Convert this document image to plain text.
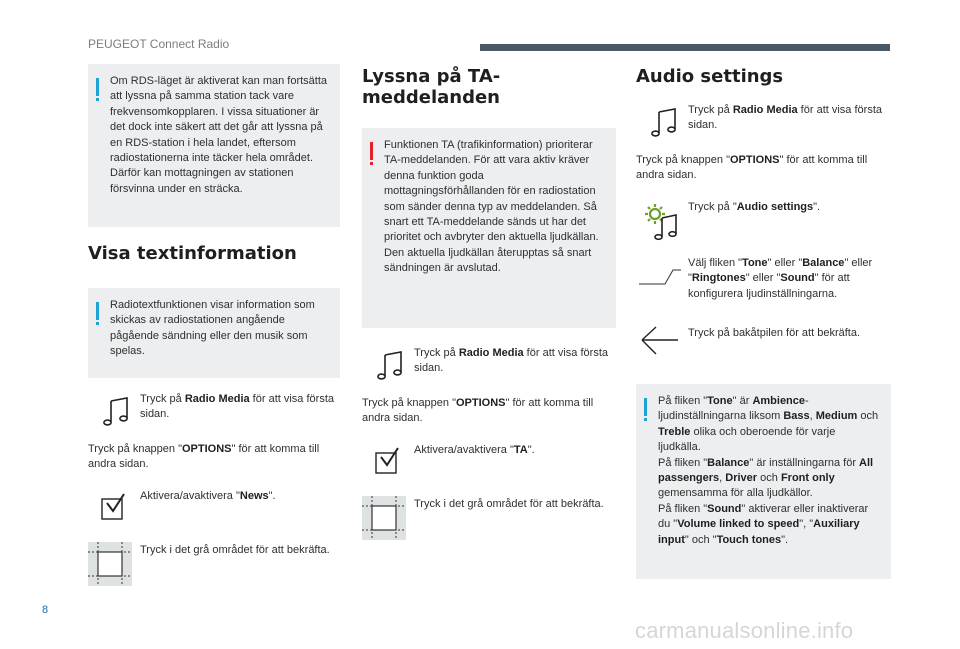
PEUGEOT Connect Radio
Om RDS-läget är aktiverat kan man fortsätta att lyssna på samma station tack vare frekvensomkopplaren. I vissa situationer är det dock inte säkert att det går att lyssna på en RDS-station i hela landet, eftersom radiostationerna inte täcker hela området. Därför kan mottagningen av stationen försvinna under en sträcka.
Visa textinformation
Radiotextfunktionen visar information som skickas av radiostationen angående pågående sändning eller den musik som spelas.
Tryck på Radio Media för att visa första sidan.
Tryck på knappen "OPTIONS" för att komma till andra sidan.
Aktivera/avaktivera "News".
Tryck i det grå området för att bekräfta.
Lyssna på TA-meddelanden
Funktionen TA (trafikinformation) prioriterar TA-meddelanden. För att vara aktiv kräver denna funktion goda mottagningsförhållanden för en radiostation som sänder denna typ av meddelanden. Så snart ett TA-meddelande sänds ut har det prioritet och avbryter den aktuella ljudkällan. Den aktuella ljudkällan återupptas så snart sändningen är avslutad.
Tryck på Radio Media för att visa första sidan.
Tryck på knappen "OPTIONS" för att komma till andra sidan.
Aktivera/avaktivera "TA".
Tryck i det grå området för att bekräfta.
Audio settings
Tryck på Radio Media för att visa första sidan.
Tryck på knappen "OPTIONS" för att komma till andra sidan.
Tryck på "Audio settings".
Välj fliken "Tone" eller "Balance" eller "Ringtones" eller "Sound" för att konfigurera ljudinställningarna.
Tryck på bakåtpilen för att bekräfta.
På fliken "Tone" är Ambience-ljudinställningarna liksom Bass, Medium och Treble olika och oberoende för varje ljudkälla.
På fliken "Balance" är inställningarna för All passengers, Driver och Front only gemensamma för alla ljudkällor.
På fliken "Sound" aktiverar eller inaktiverar du "Volume linked to speed", "Auxiliary input" och "Touch tones".
8
carmanualsonline.info
